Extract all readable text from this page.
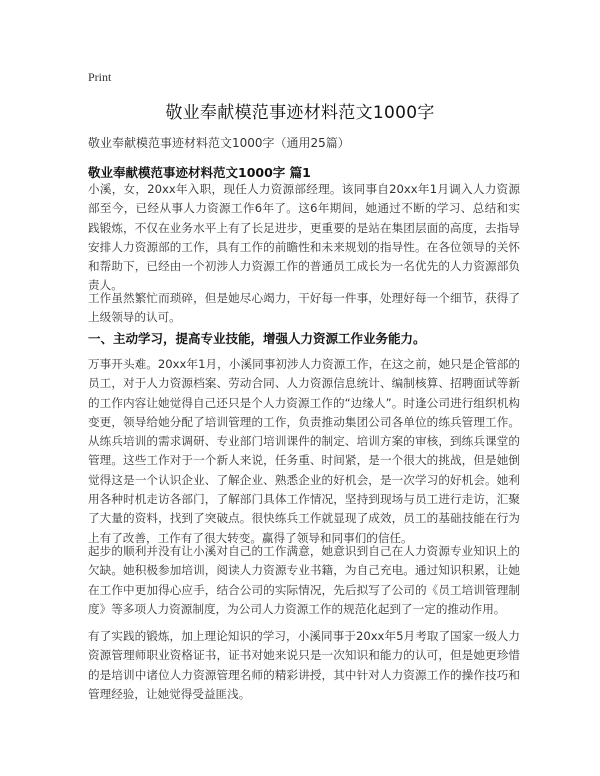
Print
敬业奉献模范事迹材料范文1000字
敬业奉献模范事迹材料范文1000字（通用25篇）
敬业奉献模范事迹材料范文1000字 篇1

小溪，女，20xx年入职，现任人力资源部经理。该同事自20xx年1月调入人力资源部至今，已经从事人力资源工作6年了。这6年期间，她通过不断的学习、总结和实践锻炼，不仅在业务水平上有了长足进步，更重要的是站在集团层面的高度，去指导安排人力资源部的工作，具有工作的前瞻性和未来规划的指导性。在各位领导的关怀和帮助下，已经由一个初涉人力资源工作的普通员工成长为一名优先的人力资源部负责人。

工作虽然繁忙而琐碎，但是她尽心竭力，干好每一件事，处理好每一个细节，获得了上级领导的认可。

一、主动学习，提高专业技能，增强人力资源工作业务能力。

万事开头难。20xx年1月，小溪同事初涉人力资源工作，在这之前，她只是企管部的员工，对于人力资源档案、劳动合同、人力资源信息统计、编制核算、招聘面试等新的工作内容让她觉得自己还只是个人力资源工作的“边缘人”。时逢公司进行组织机构变更，领导给她分配了培训管理的工作，负责推动集团公司各单位的练兵管理工作。从练兵培训的需求调研、专业部门培训课件的制定、培训方案的审核，到练兵课堂的管理。这些工作对于一个新人来说，任务重、时间紧，是一个很大的挑战，但是她倒觉得这是一个认识企业、了解企业、熟悉企业的好机会，是一次学习的好机会。她利用各种时机走访各部门，了解部门具体工作情况，坚持到现场与员工进行走访，汇聚了大量的资料，找到了突破点。很快练兵工作就显现了成效，员工的基础技能在行为上有了改善，工作有了很大转变。赢得了领导和同事们的信任。

起步的顺利并没有让小溪对自己的工作满意，她意识到自己在人力资源专业知识上的欠缺。她积极参加培训，阅读人力资源专业书籍，为自己充电。通过知识积累，让她在工作中更加得心应手，结合公司的实际情况，先后拟写了公司的《员工培训管理制度》等多项人力资源制度，为公司人力资源工作的规范化起到了一定的推动作用。

有了实践的锻炼，加上理论知识的学习，小溪同事于20xx年5月考取了国家一级人力资源管理师职业资格证书，证书对她来说只是一次知识和能力的认可，但是她更珍惜的是培训中诸位人力资源管理名师的精彩讲授，其中针对人力资源工作的操作技巧和管理经验，让她觉得受益匪浅。
